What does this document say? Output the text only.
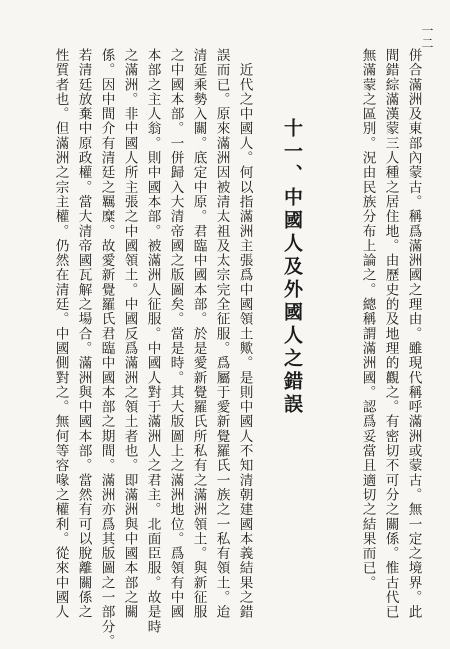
一二
併合滿洲及東部內蒙古。稱爲滿洲國之理由。雖現代稱呼滿洲或蒙古。無一定之境界。此
間錯綜滿漢蒙三人種之居住地。由歷史的及地理的觀之。有密切不可分之關係。惟古代已
無滿蒙之區別。況由民族分布上論之。總稱謂滿洲國。認爲妥當且適切之結果而已。
十一、中國人及外國人之錯誤
　近代之中國人。何以指滿洲主張爲中國領土歟。是則中國人不知清朝建國本義結果之錯
誤而已。原來滿洲因被清太祖及太宗完全征服。爲屬于愛新覺羅氏一族之一私有領土。迨
清延乘勢入關。底定中原。君臨中國本部。於是愛新覺羅氏所私有之滿洲領土。與新征服
之中國本部。一併歸入大清帝國之版圖矣。當是時。其大版圖上之滿洲地位。爲領有中國
本部之主人翁。則中國本部。被滿洲人征服。中國人對于滿洲人之君主。北面臣服。故是時
之滿洲。非中國人所主張之中國領土。中國反爲滿洲之領土者也。即滿洲與中國本部之關
係。因中間介有清廷之羈糜。故愛新覺羅氏君臨中國本部之期間。滿洲亦爲其版圖之一部分。
若清廷放棄中原政權。當大清帝國瓦解之場合。滿洲與中國本部。當然有可以脫離關係之
性質者也。但滿洲之宗主權。仍然在清廷。中國側對之。無何等容喙之權利。從來中國人
